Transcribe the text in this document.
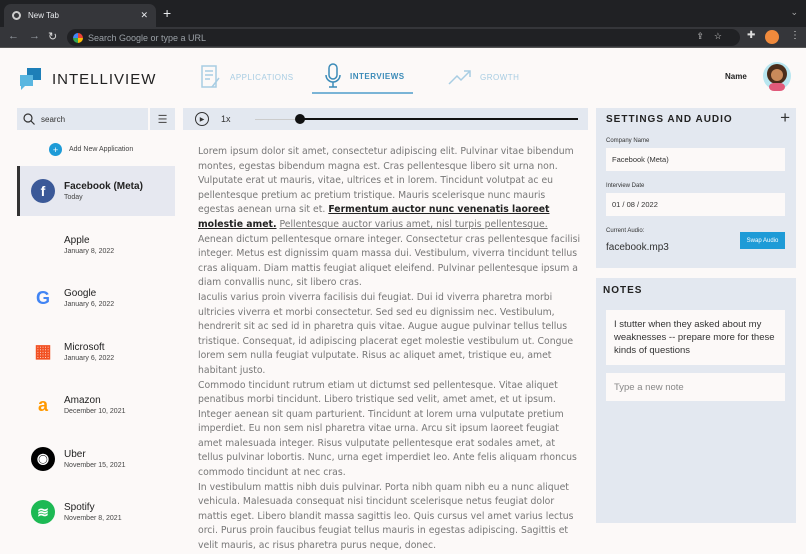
New Tab	✕ +	⌄
← → ↻	Search Google or type a URL	⇪☆ ✚	⋮
INTELLIVIEW	APPLICATIONS	INTERVIEWS	GROWTH	Name
search	☰
+	Add New Application
f	Facebook (Meta)
Today
Apple
January 8, 2022
G	Google
January 6, 2022
▦	Microsoft
January 6, 2022
a	Amazon
December 10, 2021
◉	Uber
November 15, 2021
≋	Spotify
November 8, 2021
▶ 1x
Lorem ipsum dolor sit amet, consectetur adipiscing elit. Pulvinar vitae bibendum montes, egestas bibendum magna est. Cras pellentesque libero sit urna non. Vulputate erat ut mauris, vitae, ultrices et in lorem. Tincidunt volutpat ac eu pellentesque pretium ac pretium tristique. Mauris scelerisque nunc mauris egestas aenean urna sit et. Fermentum auctor nunc venenatis laoreet molestie amet. Pellentesque auctor varius amet, nisl turpis pellentesque. Aenean dictum pellentesque ornare integer. Consectetur cras pellentesque facilisi integer. Metus est dignissim quam massa dui. Vestibulum, viverra tincidunt tellus cras aliquam. Diam mattis feugiat aliquet eleifend. Pulvinar pellentesque ipsum a diam convallis nunc, sit libero cras.
Iaculis varius proin viverra facilisis dui feugiat. Dui id viverra pharetra morbi ultricies viverra et morbi consectetur. Sed sed eu dignissim nec. Vestibulum, hendrerit sit ac sed id in pharetra quis vitae. Augue augue pulvinar tellus tellus tristique. Consequat, id adipiscing placerat eget molestie vestibulum ut. Congue lorem sem nulla feugiat vulputate. Risus ac aliquet amet, tristique eu, amet habitant justo.
Commodo tincidunt rutrum etiam ut dictumst sed pellentesque. Vitae aliquet penatibus morbi tincidunt. Libero tristique sed velit, amet amet, et ut ipsum. Integer aenean sit quam parturient. Tincidunt at lorem urna vulputate pretium imperdiet. Eu non sem nisl pharetra vitae urna. Arcu sit ipsum laoreet feugiat amet malesuada integer. Risus vulputate pellentesque erat sodales amet, at tellus pulvinar lobortis. Nunc, urna eget imperdiet leo. Ante felis aliquam rhoncus commodo tincidunt at nec cras.
In vestibulum mattis nibh duis pulvinar. Porta nibh quam nibh eu a nunc aliquet vehicula. Malesuada consequat nisi tincidunt scelerisque netus feugiat dolor mattis eget. Libero blandit massa sagittis leo. Quis cursus vel amet varius lectus orci. Purus proin faucibus feugiat tellus mauris in egestas adipiscing. Sagittis et velit mauris, ac risus pharetra purus neque, donec.
SETTINGS AND AUDIO	+
Company Name
Facebook (Meta)
Interview Date
01 / 08 / 2022
Current Audio:
facebook.mp3
Swap Audio
NOTES
I stutter when they asked about my weaknesses -- prepare more for these kinds of questions
Type a new note
